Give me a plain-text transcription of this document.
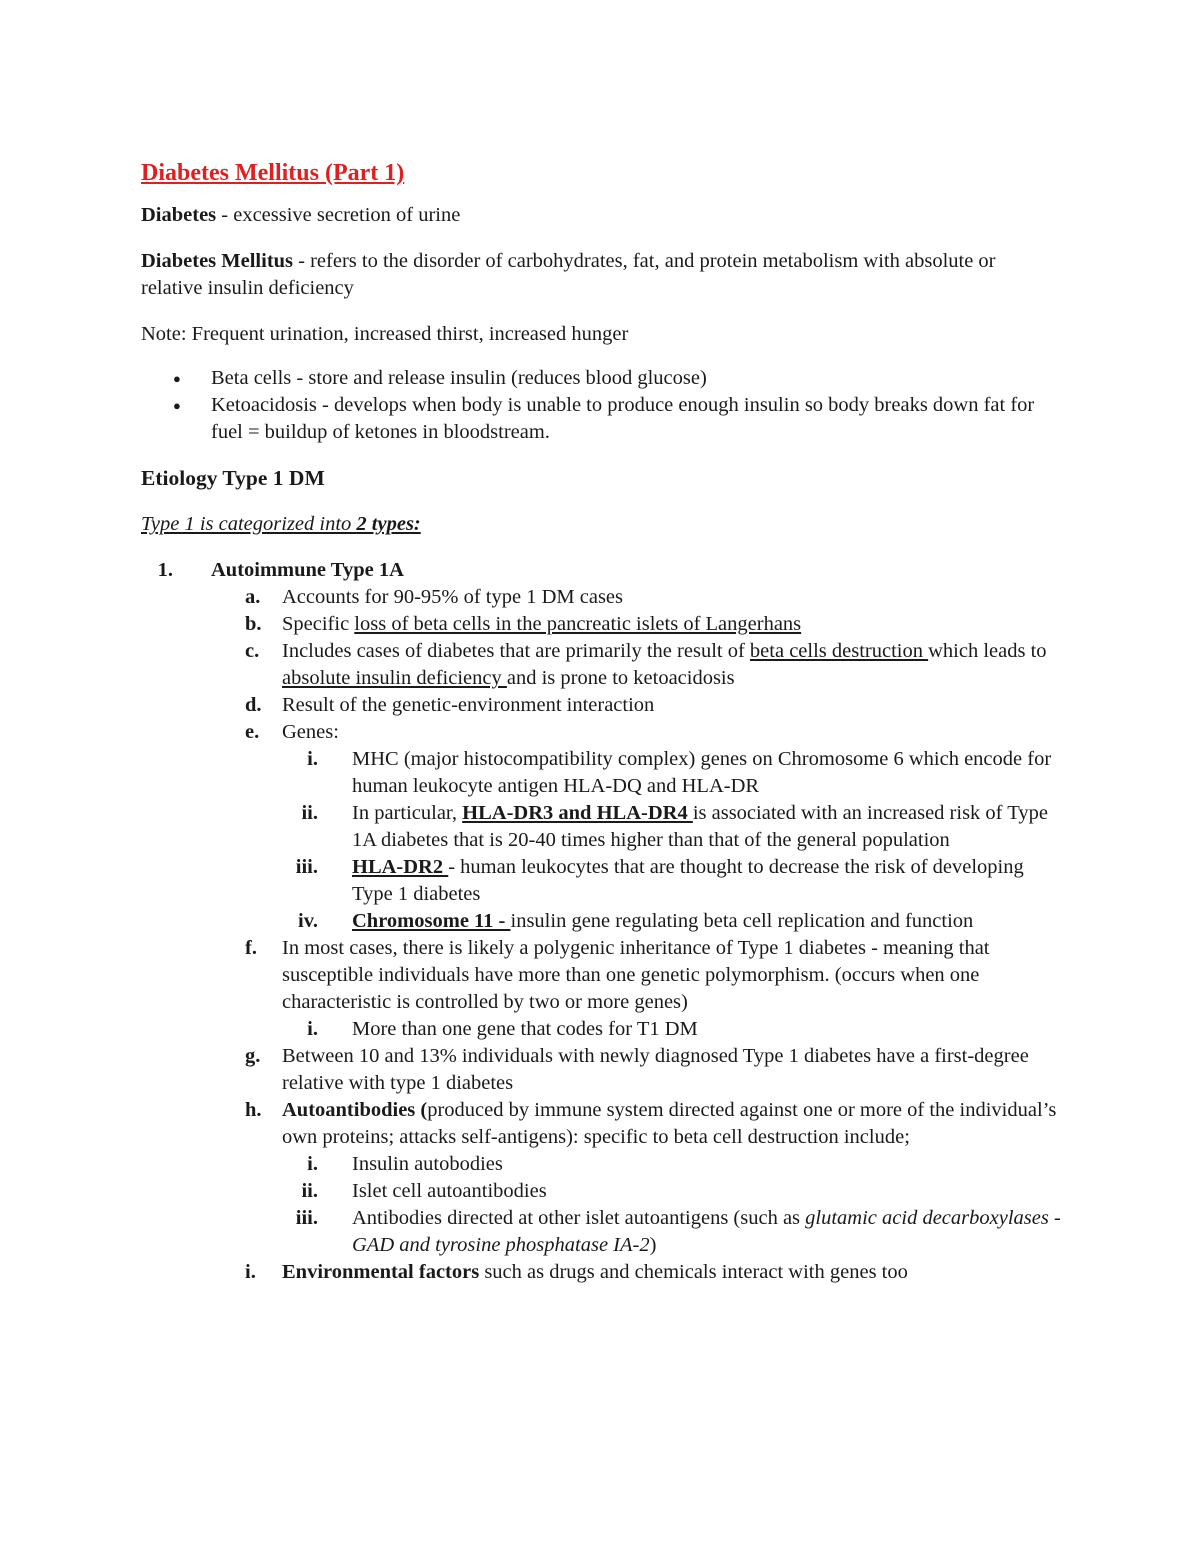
Diabetes Mellitus (Part 1)

Diabetes - excessive secretion of urine

Diabetes Mellitus - refers to the disorder of carbohydrates, fat, and protein metabolism with absolute or relative insulin deficiency

Note: Frequent urination, increased thirst, increased hunger

● Beta cells - store and release insulin (reduces blood glucose)
● Ketoacidosis - develops when body is unable to produce enough insulin so body breaks down fat for fuel = buildup of ketones in bloodstream.
Etiology Type 1 DM
Type 1 is categorized into 2 types:
1.	Autoimmune Type 1A
a.	Accounts for 90-95% of type 1 DM cases
b. Specific loss of beta cells in the pancreatic islets of Langerhans
c.	Includes cases of diabetes that are primarily the result of beta cells destruction which leads to absolute insulin deficiency and is prone to ketoacidosis
d. Result of the genetic-environment interaction
e.	Genes:
i.	MHC (major histocompatibility complex) genes on Chromosome 6 which encode for human leukocyte antigen HLA-DQ and HLA-DR
ii.	In particular, HLA-DR3 and HLA-DR4 is associated with an increased risk of Type 1A diabetes that is 20-40 times higher than that of the general population
iii.	HLA-DR2 - human leukocytes that are thought to decrease the risk of developing Type 1 diabetes
iv.	Chromosome 11 - insulin gene regulating beta cell replication and function
f.	In most cases, there is likely a polygenic inheritance of Type 1 diabetes - meaning that susceptible individuals have more than one genetic polymorphism. (occurs when one characteristic is controlled by two or more genes)
i.	More than one gene that codes for T1 DM
g.	Between 10 and 13% individuals with newly diagnosed Type 1 diabetes have a first-degree relative with type 1 diabetes
h. Autoantibodies (produced by immune system directed against one or more of the individual’s own proteins; attacks self-antigens): specific to beta cell destruction include;
i.	Insulin autobodies
ii.	Islet cell autoantibodies
iii.	Antibodies directed at other islet autoantigens (such as glutamic acid decarboxylases - GAD and tyrosine phosphatase IA-2)
i.	Environmental factors such as drugs and chemicals interact with genes too
